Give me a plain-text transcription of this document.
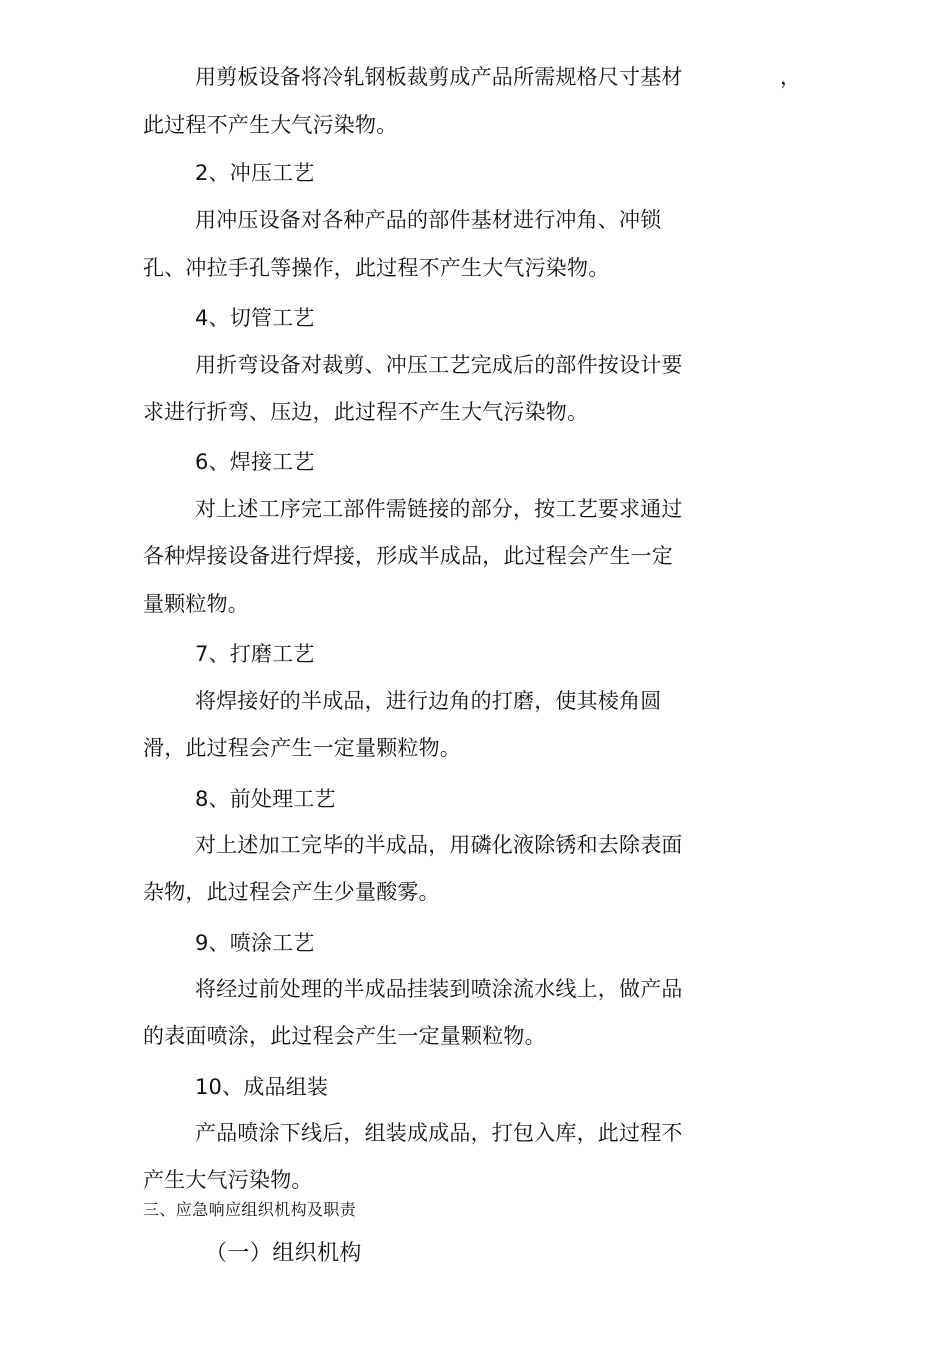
用剪板设备将冷轧钢板裁剪成产品所需规格尺寸基材	，
此过程不产生大气污染物。
2、冲压工艺
用冲压设备对各种产品的部件基材进行冲角、冲锁
孔、冲拉手孔等操作，此过程不产生大气污染物。
4、切管工艺
用折弯设备对裁剪、冲压工艺完成后的部件按设计要
求进行折弯、压边，此过程不产生大气污染物。
6、焊接工艺
对上述工序完工部件需链接的部分，按工艺要求通过
各种焊接设备进行焊接，形成半成品，此过程会产生一定
量颗粒物。
7、打磨工艺
将焊接好的半成品，进行边角的打磨，使其棱角圆
滑，此过程会产生一定量颗粒物。
8、前处理工艺
对上述加工完毕的半成品，用磷化液除锈和去除表面
杂物，此过程会产生少量酸雾。
9、喷涂工艺
将经过前处理的半成品挂装到喷涂流水线上，做产品
的表面喷涂，此过程会产生一定量颗粒物。
10、成品组装
产品喷涂下线后，组装成成品，打包入库，此过程不
产生大气污染物。
三、应急响应组织机构及职责
（一）组织机构
